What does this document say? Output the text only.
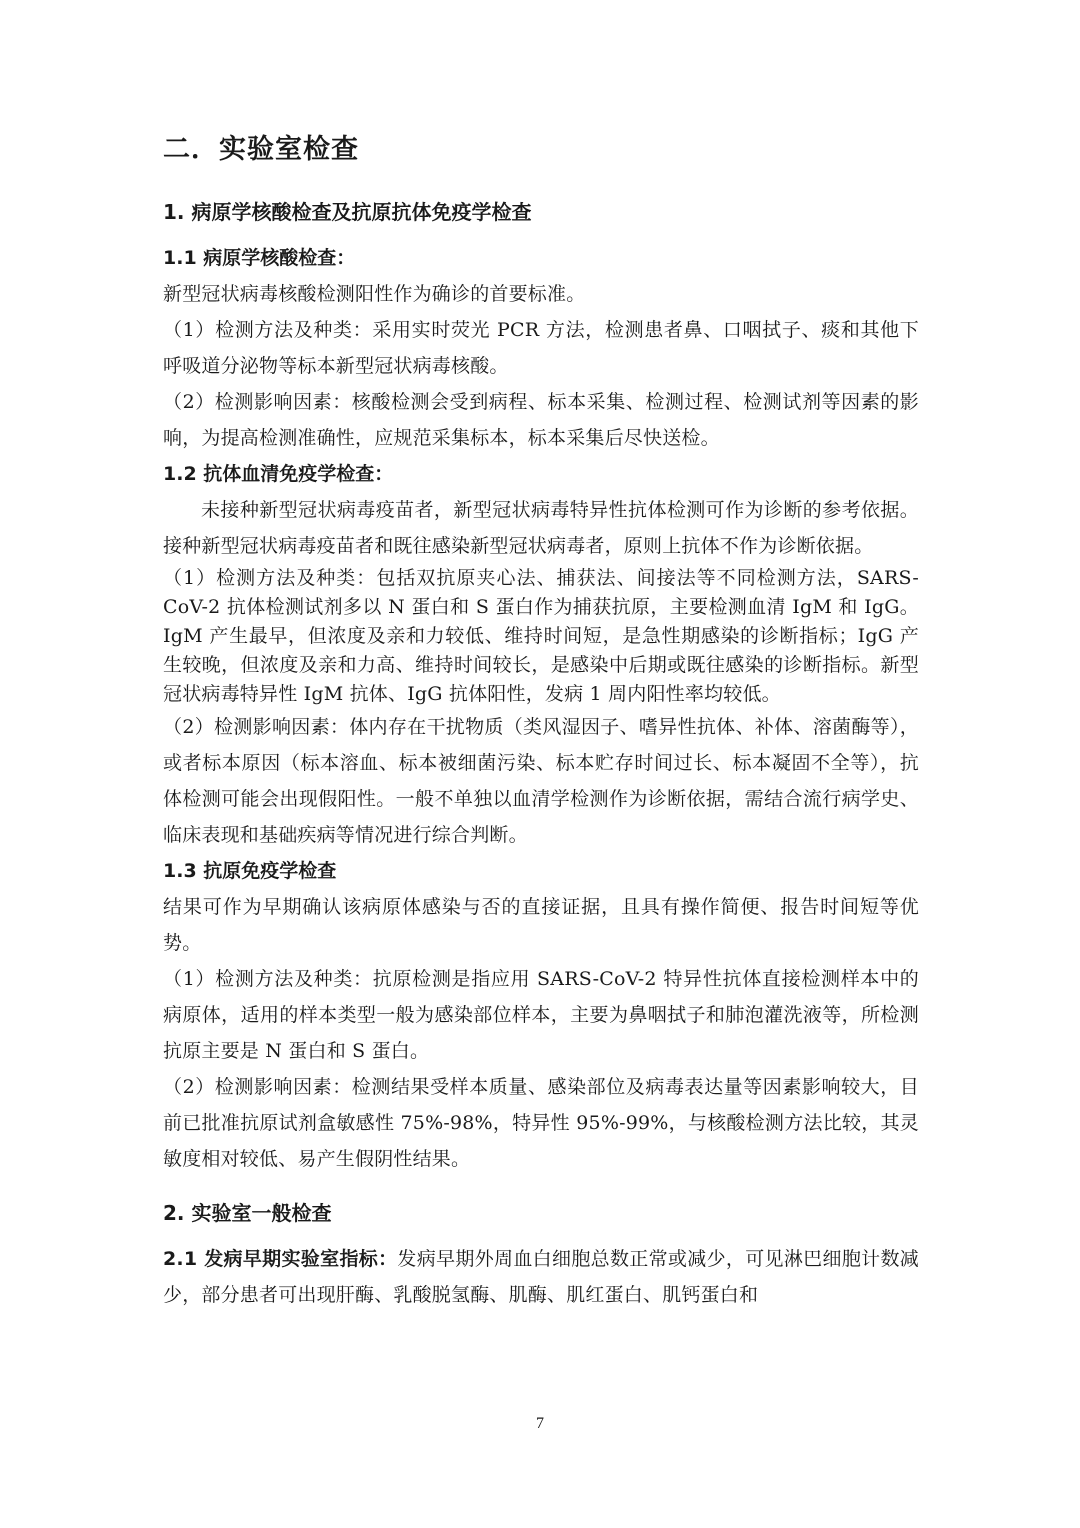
二．实验室检查
1. 病原学核酸检查及抗原抗体免疫学检查
1.1 病原学核酸检查：

新型冠状病毒核酸检测阳性作为确诊的首要标准。

（1）检测方法及种类：采用实时荧光 PCR 方法，检测患者鼻、口咽拭子、痰和其他下呼吸道分泌物等标本新型冠状病毒核酸。

（2）检测影响因素：核酸检测会受到病程、标本采集、检测过程、检测试剂等因素的影响，为提高检测准确性，应规范采集标本，标本采集后尽快送检。

1.2 抗体血清免疫学检查：

未接种新型冠状病毒疫苗者，新型冠状病毒特异性抗体检测可作为诊断的参考依据。接种新型冠状病毒疫苗者和既往感染新型冠状病毒者，原则上抗体不作为诊断依据。

（1）检测方法及种类：包括双抗原夹心法、捕获法、间接法等不同检测方法，SARS-CoV-2 抗体检测试剂多以 N 蛋白和 S 蛋白作为捕获抗原，主要检测血清 IgM 和 IgG。IgM 产生最早，但浓度及亲和力较低、维持时间短，是急性期感染的诊断指标；IgG 产生较晚，但浓度及亲和力高、维持时间较长，是感染中后期或既往感染的诊断指标。新型冠状病毒特异性 IgM 抗体、IgG 抗体阳性，发病 1 周内阳性率均较低。

（2）检测影响因素：体内存在干扰物质（类风湿因子、嗜异性抗体、补体、溶菌酶等），或者标本原因（标本溶血、标本被细菌污染、标本贮存时间过长、标本凝固不全等），抗体检测可能会出现假阳性。一般不单独以血清学检测作为诊断依据，需结合流行病学史、临床表现和基础疾病等情况进行综合判断。

1.3 抗原免疫学检查

结果可作为早期确认该病原体感染与否的直接证据，且具有操作简便、报告时间短等优势。

（1）检测方法及种类：抗原检测是指应用 SARS-CoV-2 特异性抗体直接检测样本中的病原体，适用的样本类型一般为感染部位样本，主要为鼻咽拭子和肺泡灌洗液等，所检测抗原主要是 N 蛋白和 S 蛋白。

（2）检测影响因素：检测结果受样本质量、感染部位及病毒表达量等因素影响较大，目前已批准抗原试剂盒敏感性 75%-98%，特异性 95%-99%，与核酸检测方法比较，其灵敏度相对较低、易产生假阴性结果。

2. 实验室一般检查

2.1 发病早期实验室指标：发病早期外周血白细胞总数正常或减少，可见淋巴细胞计数减少，部分患者可出现肝酶、乳酸脱氢酶、肌酶、肌红蛋白、肌钙蛋白和

7
